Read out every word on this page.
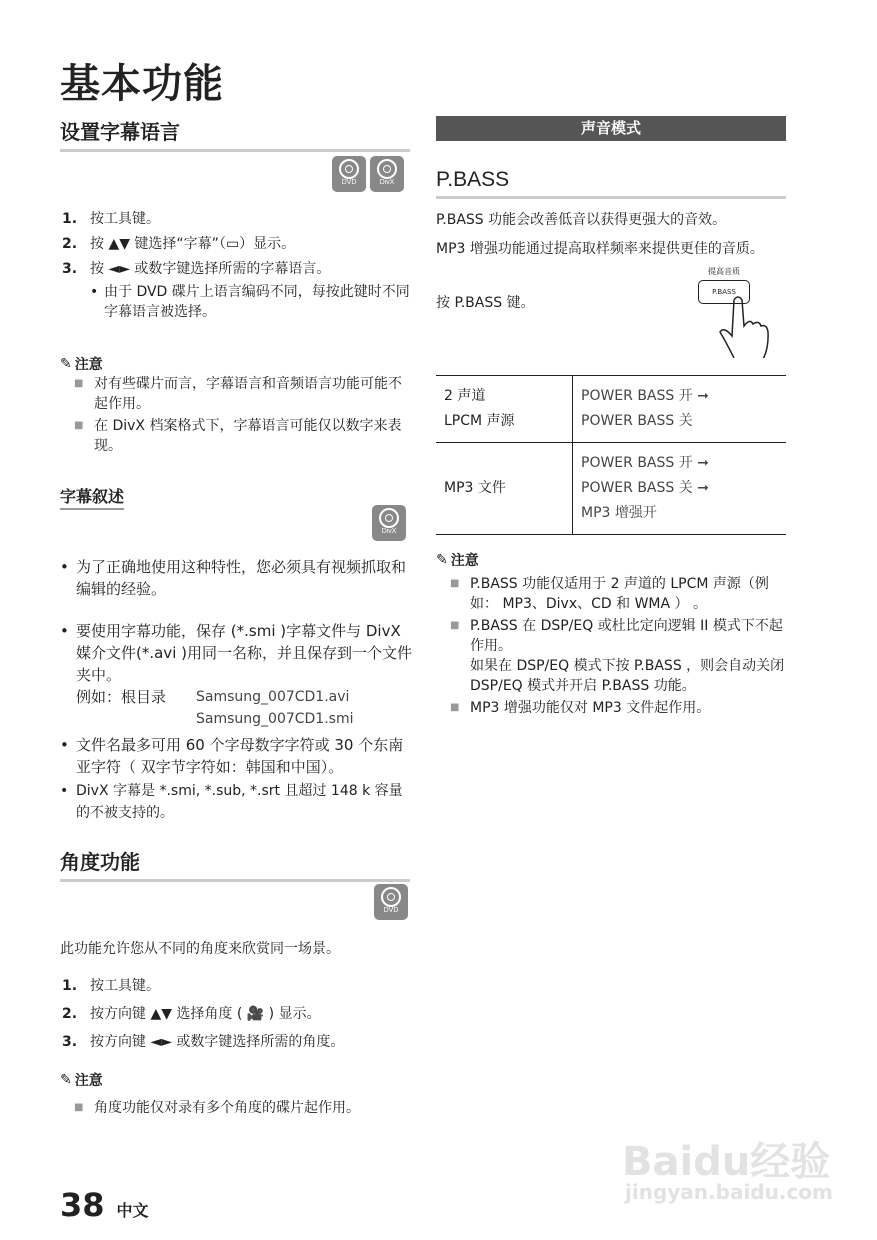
基本功能
设置字幕语言
DVD	DivX
1. 按工具键。
2. 按 ▲▼ 键选择“字幕”（▭）显示。
3. 按 ◄► 或数字键选择所需的字幕语言。
• 由于 DVD 碟片上语言编码不同，每按此键时不同字幕语言被选择。
✎ 注意
■ 对有些碟片而言，字幕语言和音频语言功能可能不起作用。
■ 在 DivX 档案格式下，字幕语言可能仅以数字来表现。
字幕叙述
DivX
• 为了正确地使用这种特性，您必须具有视频抓取和编辑的经验。
• 要使用字幕功能，保存 (*.smi )字幕文件与 DivX 媒介文件(*.avi )用同一名称，并且保存到一个文件夹中。
例如：根目录	Samsung_007CD1.avi
Samsung_007CD1.smi
• 文件名最多可用 60 个字母数字字符或 30 个东南亚字符（ 双字节字符如：韩国和中国）。
• DivX 字幕是 *.smi, *.sub, *.srt 且超过 148 k 容量的不被支持的。
角度功能
DVD
此功能允许您从不同的角度来欣赏同一场景。
1. 按工具键。
2. 按方向键 ▲▼ 选择角度 ( 🎥 ) 显示。
3. 按方向键 ◄► 或数字键选择所需的角度。
✎ 注意
■ 角度功能仅对录有多个角度的碟片起作用。
声音模式
P.BASS
P.BASS 功能会改善低音以获得更强大的音效。
MP3 增强功能通过提高取样频率来提供更佳的音质。
按 P.BASS 键。
提高音质
P.BASS
2 声道
LPCM 声源	POWER BASS 开 ➞
POWER BASS 关
MP3 文件	POWER BASS 开 ➞
POWER BASS 关 ➞
MP3 增强开
✎ 注意
■ P.BASS 功能仅适用于 2 声道的 LPCM 声源（例如： MP3、Divx、CD 和 WMA ） 。
■ P.BASS 在 DSP/EQ 或杜比定向逻辑 II 模式下不起作用。
如果在 DSP/EQ 模式下按 P.BASS ，则会自动关闭 DSP/EQ 模式并开启 P.BASS 功能。
■ MP3 增强功能仅对 MP3 文件起作用。
38 中文
Baidu经验
jingyan.baidu.com
